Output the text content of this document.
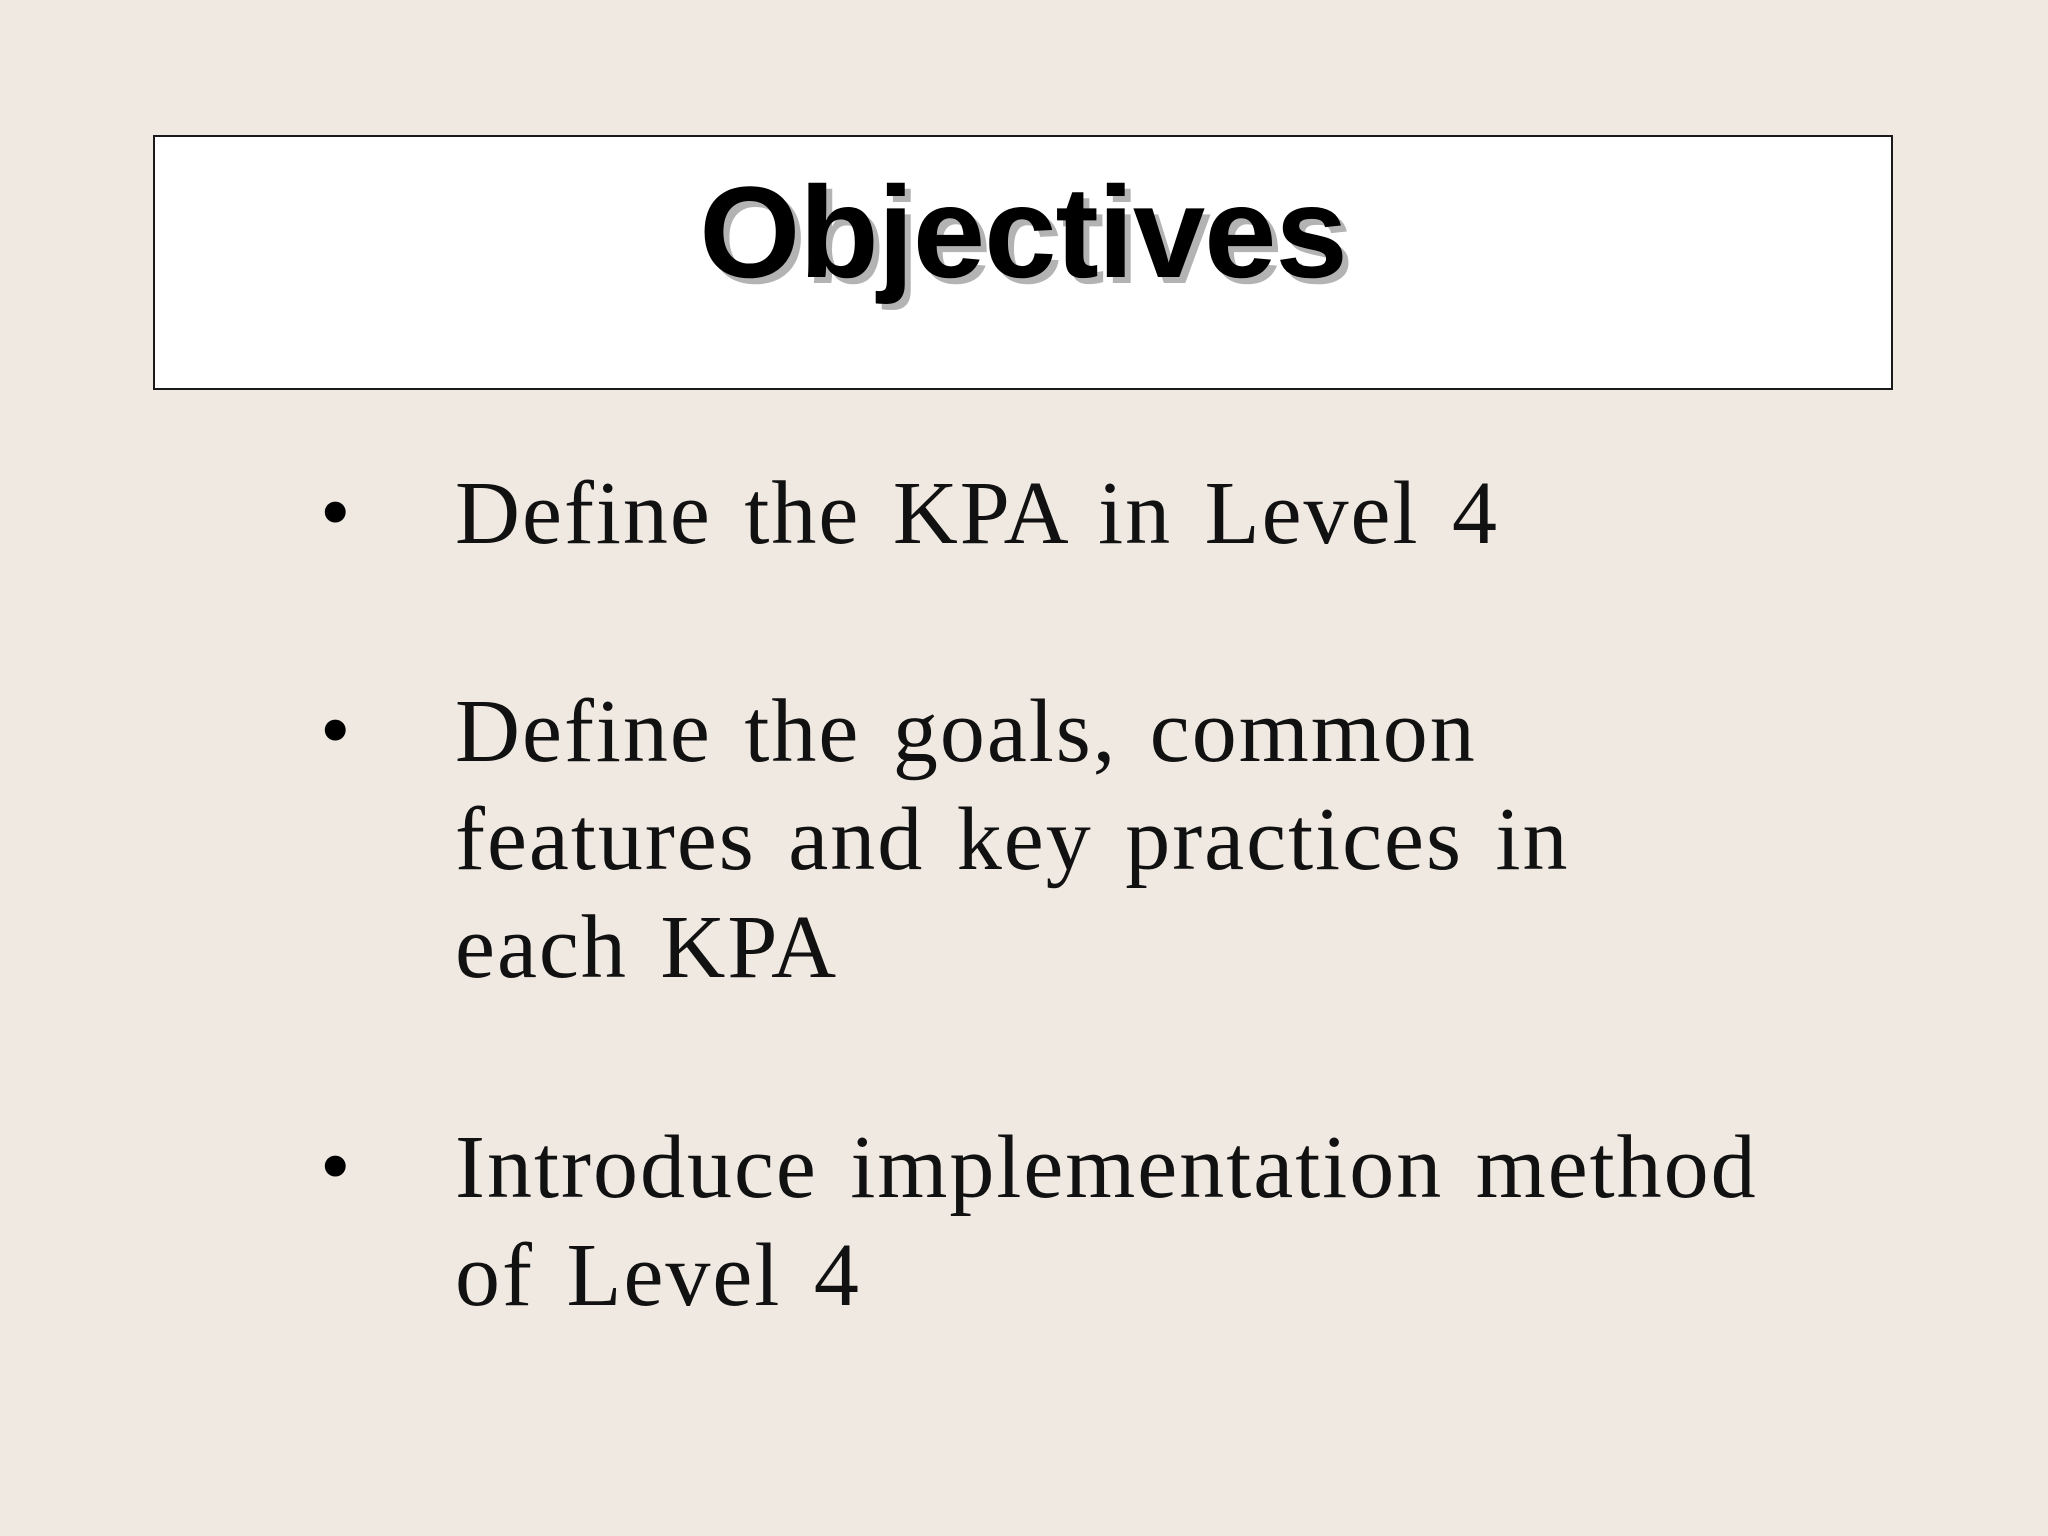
Objectives
• Define the KPA in Level 4
• Define the goals, common
features and key practices in
each KPA
• Introduce implementation method
of Level 4
